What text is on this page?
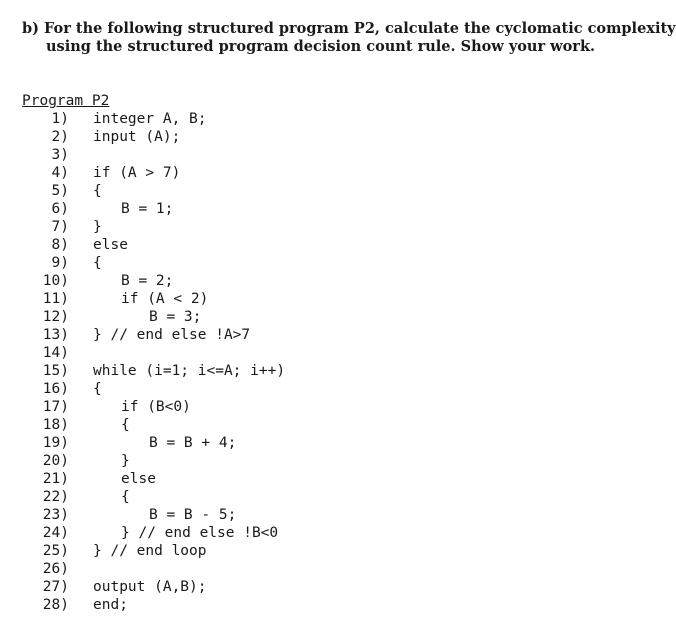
b) For the following structured program P2, calculate the cyclomatic complexity
using the structured program decision count rule. Show your work.
Program P2
1) integer A, B;
2) input (A);
3)
4) if (A > 7)
5) {
6)	B = 1;
7) }
8) else
9) {
10)	B = 2;
11)	if (A < 2)
12)	B = 3;
13) } // end else !A>7
14)
15) while (i=1; i<=A; i++)
16) {
17)	if (B<0)
18)	{
19)	B = B + 4;
20)	}
21)	else
22)	{
23)	B = B - 5;
24)	} // end else !B<0
25) } // end loop
26)
27) output (A,B);
28) end;
